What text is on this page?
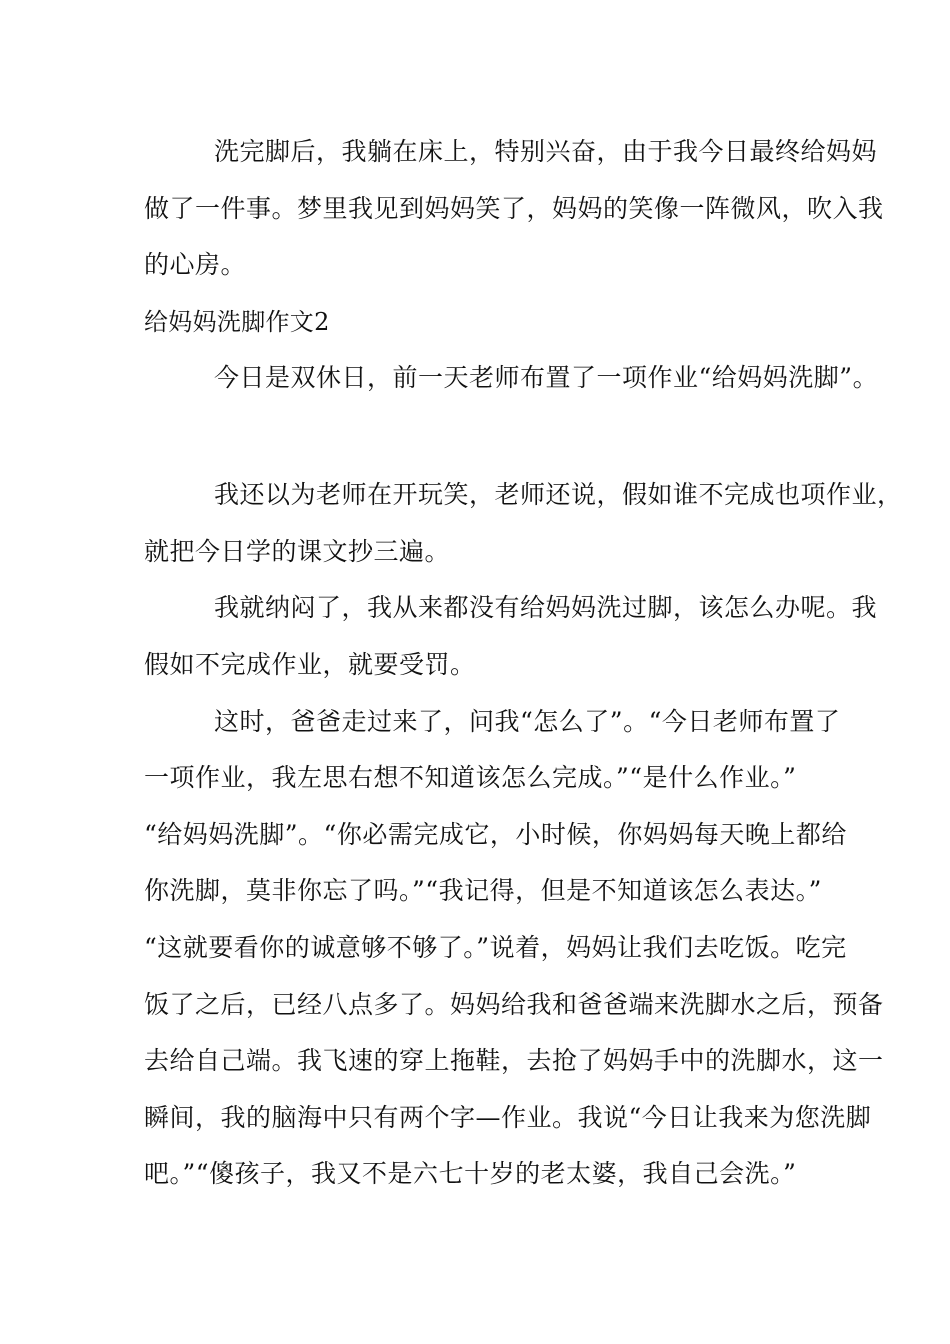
洗完脚后，我躺在床上，特别兴奋，由于我今日最终给妈妈
做了一件事。梦里我见到妈妈笑了，妈妈的笑像一阵微风，吹入我
的心房。
给妈妈洗脚作文2
今日是双休日，前一天老师布置了一项作业“给妈妈洗脚”。
我还以为老师在开玩笑，老师还说，假如谁不完成也项作业，
就把今日学的课文抄三遍。
我就纳闷了，我从来都没有给妈妈洗过脚，该怎么办呢。我
假如不完成作业，就要受罚。
这时，爸爸走过来了，问我“怎么了”。“今日老师布置了
一项作业，我左思右想不知道该怎么完成。”“是什么作业。”
“给妈妈洗脚”。“你必需完成它，小时候，你妈妈每天晚上都给
你洗脚，莫非你忘了吗。”“我记得，但是不知道该怎么表达。”
“这就要看你的诚意够不够了。”说着，妈妈让我们去吃饭。吃完
饭了之后，已经八点多了。妈妈给我和爸爸端来洗脚水之后，预备
去给自己端。我飞速的穿上拖鞋，去抢了妈妈手中的洗脚水，这一
瞬间，我的脑海中只有两个字—作业。我说“今日让我来为您洗脚
吧。”“傻孩子，我又不是六七十岁的老太婆，我自己会洗。”
